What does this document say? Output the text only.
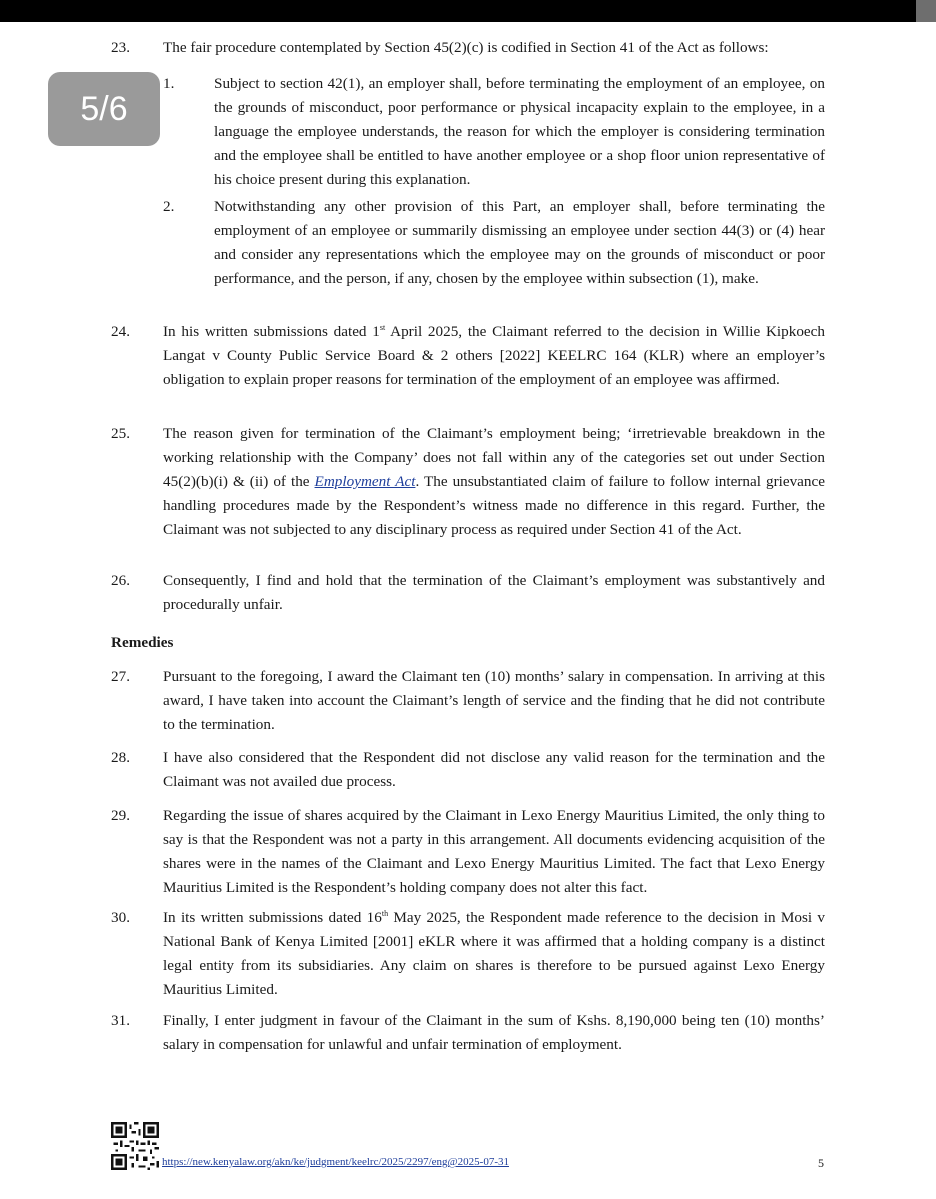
5/6
23. The fair procedure contemplated by Section 45(2)(c) is codified in Section 41 of the Act as follows:

1.	Subject to section 42(1), an employer shall, before terminating the employment of an employee, on the grounds of misconduct, poor performance or physical incapacity explain to the employee, in a language the employee understands, the reason for which the employer is considering termination and the employee shall be entitled to have another employee or a shop floor union representative of his choice present during this explanation.

2.	Notwithstanding any other provision of this Part, an employer shall, before terminating the employment of an employee or summarily dismissing an employee under section 44(3) or (4) hear and consider any representations which the employee may on the grounds of misconduct or poor performance, and the person, if any, chosen by the employee within subsection (1), make.

24. In his written submissions dated 1st April 2025, the Claimant referred to the decision in Willie Kipkoech Langat v County Public Service Board & 2 others [2022] KEELRC 164 (KLR) where an employer’s obligation to explain proper reasons for termination of the employment of an employee was affirmed.

25. The reason given for termination of the Claimant’s employment being; ‘irretrievable breakdown in the working relationship with the Company’ does not fall within any of the categories set out under Section 45(2)(b)(i) & (ii) of the Employment Act. The unsubstantiated claim of failure to follow internal grievance handling procedures made by the Respondent’s witness made no difference in this regard. Further, the Claimant was not subjected to any disciplinary process as required under Section 41 of the Act.

26. Consequently, I find and hold that the termination of the Claimant’s employment was substantively and procedurally unfair.

Remedies
27. Pursuant to the foregoing, I award the Claimant ten (10) months’ salary in compensation. In arriving at this award, I have taken into account the Claimant’s length of service and the finding that he did not contribute to the termination.

28. I have also considered that the Respondent did not disclose any valid reason for the termination and the Claimant was not availed due process.

29. Regarding the issue of shares acquired by the Claimant in Lexo Energy Mauritius Limited, the only thing to say is that the Respondent was not a party in this arrangement. All documents evidencing acquisition of the shares were in the names of the Claimant and Lexo Energy Mauritius Limited. The fact that Lexo Energy Mauritius Limited is the Respondent’s holding company does not alter this fact.

30. In its written submissions dated 16th May 2025, the Respondent made reference to the decision in Mosi v National Bank of Kenya Limited [2001] eKLR where it was affirmed that a holding company is a distinct legal entity from its subsidiaries. Any claim on shares is therefore to be pursued against Lexo Energy Mauritius Limited.

31. Finally, I enter judgment in favour of the Claimant in the sum of Kshs. 8,190,000 being ten (10) months’ salary in compensation for unlawful and unfair termination of employment.

https://new.kenyalaw.org/akn/ke/judgment/keelrc/2025/2297/eng@2025-07-31	5
